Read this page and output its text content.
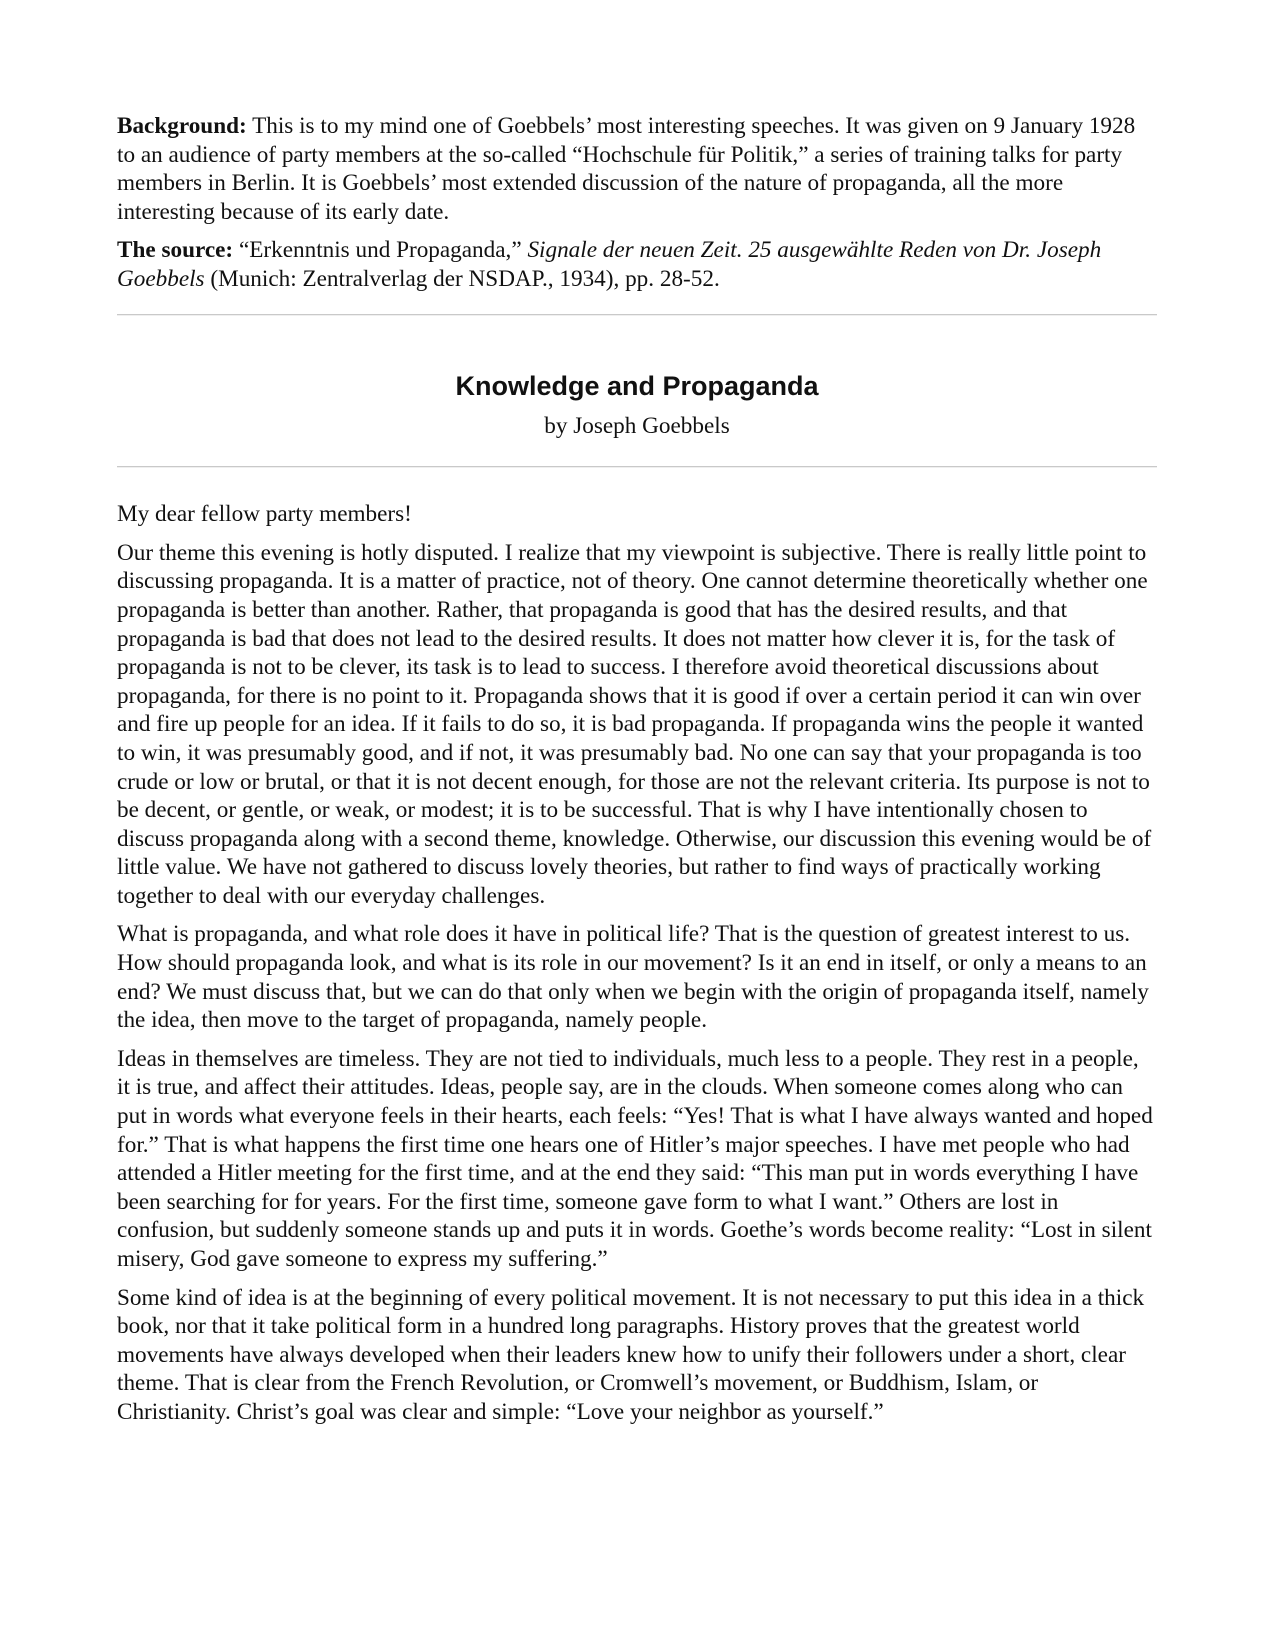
Background: This is to my mind one of Goebbels’ most interesting speeches. It was given on 9 January 1928 to an audience of party members at the so-called “Hochschule für Politik,” a series of training talks for party members in Berlin. It is Goebbels’ most extended discussion of the nature of propaganda, all the more interesting because of its early date.

The source: “Erkenntnis und Propaganda,” Signale der neuen Zeit. 25 ausgewählte Reden von Dr. Joseph Goebbels (Munich: Zentralverlag der NSDAP., 1934), pp. 28-52.

Knowledge and Propaganda
by Joseph Goebbels

My dear fellow party members!

Our theme this evening is hotly disputed. I realize that my viewpoint is subjective. There is really little point to discussing propaganda. It is a matter of practice, not of theory. One cannot determine theoretically whether one propaganda is better than another. Rather, that propaganda is good that has the desired results, and that propaganda is bad that does not lead to the desired results. It does not matter how clever it is, for the task of propaganda is not to be clever, its task is to lead to success. I therefore avoid theoretical discussions about propaganda, for there is no point to it. Propaganda shows that it is good if over a certain period it can win over and fire up people for an idea. If it fails to do so, it is bad propaganda. If propaganda wins the people it wanted to win, it was presumably good, and if not, it was presumably bad. No one can say that your propaganda is too crude or low or brutal, or that it is not decent enough, for those are not the relevant criteria. Its purpose is not to be decent, or gentle, or weak, or modest; it is to be successful. That is why I have intentionally chosen to discuss propaganda along with a second theme, knowledge. Otherwise, our discussion this evening would be of little value. We have not gathered to discuss lovely theories, but rather to find ways of practically working together to deal with our everyday challenges.

What is propaganda, and what role does it have in political life? That is the question of greatest interest to us. How should propaganda look, and what is its role in our movement? Is it an end in itself, or only a means to an end? We must discuss that, but we can do that only when we begin with the origin of propaganda itself, namely the idea, then move to the target of propaganda, namely people.

Ideas in themselves are timeless. They are not tied to individuals, much less to a people. They rest in a people, it is true, and affect their attitudes. Ideas, people say, are in the clouds. When someone comes along who can put in words what everyone feels in their hearts, each feels: “Yes! That is what I have always wanted and hoped for.” That is what happens the first time one hears one of Hitler’s major speeches. I have met people who had attended a Hitler meeting for the first time, and at the end they said: “This man put in words everything I have been searching for for years. For the first time, someone gave form to what I want.” Others are lost in confusion, but suddenly someone stands up and puts it in words. Goethe’s words become reality: “Lost in silent misery, God gave someone to express my suffering.”

Some kind of idea is at the beginning of every political movement. It is not necessary to put this idea in a thick book, nor that it take political form in a hundred long paragraphs. History proves that the greatest world movements have always developed when their leaders knew how to unify their followers under a short, clear theme. That is clear from the French Revolution, or Cromwell’s movement, or Buddhism, Islam, or Christianity. Christ’s goal was clear and simple: “Love your neighbor as yourself.”
